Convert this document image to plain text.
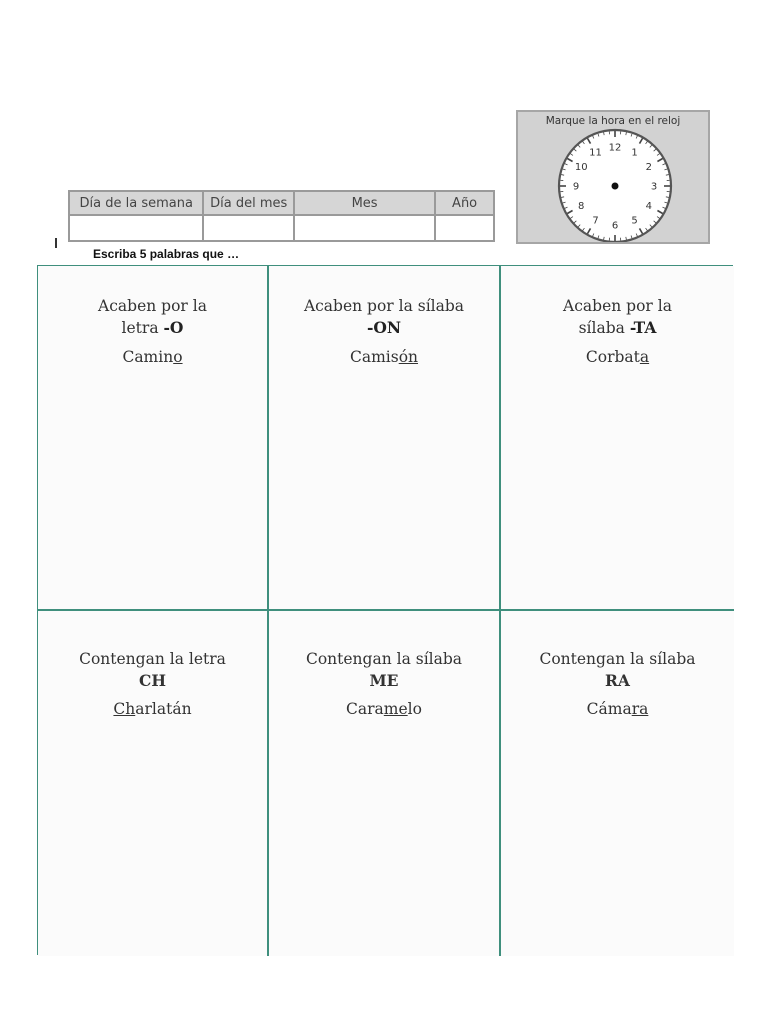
Marque la hora en el reloj
12 1
2
3
4
5
6
7
8
9
10
11
Día de la semana	Día del mes	Mes	Año

Escriba 5 palabras que …
Acaben por la
letra -O
Camino
Acaben por la sílaba
-ON
Camisón
Acaben por la
sílaba -TA
Corbata
Contengan la letra
CH
Charlatán
Contengan la sílaba
ME
Caramelo
Contengan la sílaba
RA
Cámara
